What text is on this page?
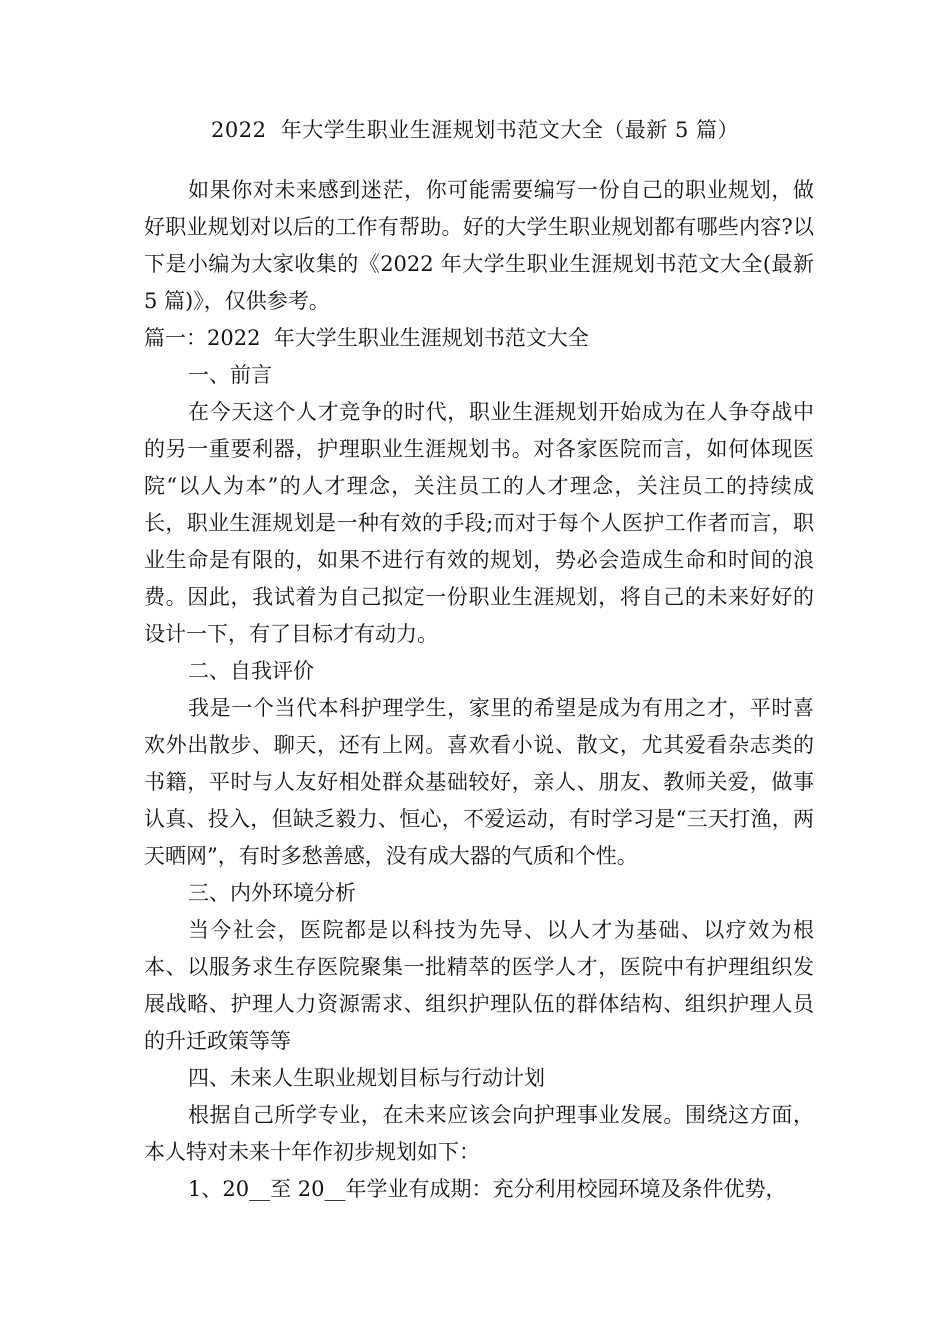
2022  年大学生职业生涯规划书范文大全（最新 5 篇）

如果你对未来感到迷茫，你可能需要编写一份自己的职业规划，做好职业规划对以后的工作有帮助。好的大学生职业规划都有哪些内容?以下是小编为大家收集的《2022 年大学生职业生涯规划书范文大全(最新 5 篇)》，仅供参考。

篇一：2022  年大学生职业生涯规划书范文大全

一、前言

在今天这个人才竞争的时代，职业生涯规划开始成为在人争夺战中的另一重要利器，护理职业生涯规划书。对各家医院而言，如何体现医院“以人为本”的人才理念，关注员工的人才理念，关注员工的持续成长，职业生涯规划是一种有效的手段;而对于每个人医护工作者而言，职业生命是有限的，如果不进行有效的规划，势必会造成生命和时间的浪费。因此，我试着为自己拟定一份职业生涯规划，将自己的未来好好的设计一下，有了目标才有动力。

二、自我评价

我是一个当代本科护理学生，家里的希望是成为有用之才，平时喜欢外出散步、聊天，还有上网。喜欢看小说、散文，尤其爱看杂志类的书籍，平时与人友好相处群众基础较好，亲人、朋友、教师关爱，做事认真、投入，但缺乏毅力、恒心，不爱运动，有时学习是“三天打渔，两天晒网”，有时多愁善感，没有成大器的气质和个性。

三、内外环境分析

当今社会，医院都是以科技为先导、以人才为基础、以疗效为根本、以服务求生存医院聚集一批精萃的医学人才，医院中有护理组织发展战略、护理人力资源需求、组织护理队伍的群体结构、组织护理人员的升迁政策等等

四、未来人生职业规划目标与行动计划

根据自己所学专业，在未来应该会向护理事业发展。围绕这方面，本人特对未来十年作初步规划如下：

1、20__至 20__年学业有成期：充分利用校园环境及条件优势，
